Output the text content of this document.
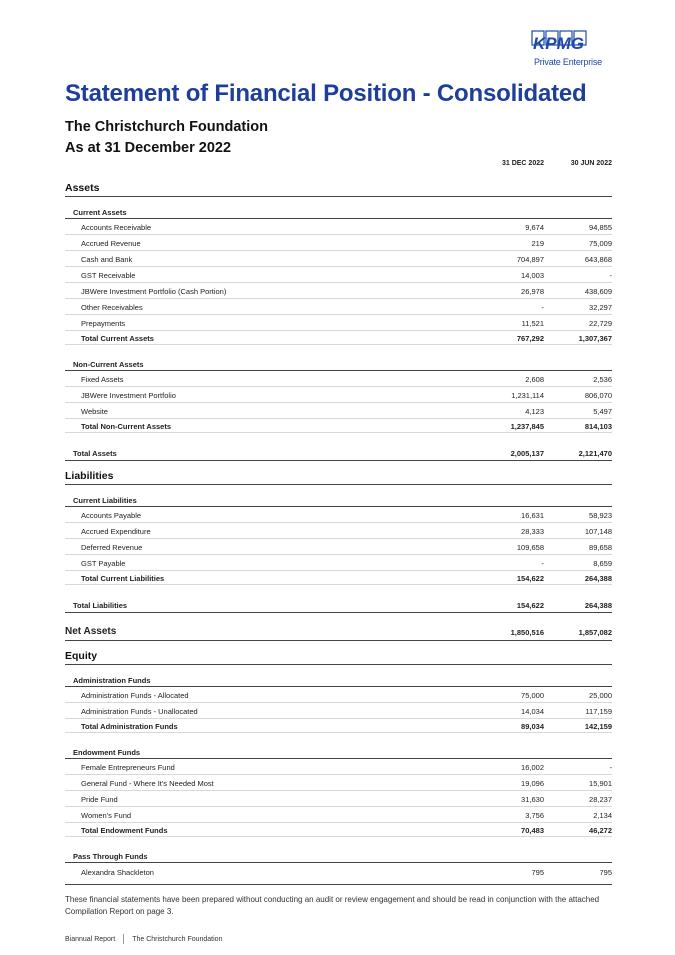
KPMG
Private Enterprise
Statement of Financial Position - Consolidated
The Christchurch Foundation
As at 31 December 2022
31 DEC 2022	30 JUN 2022
Assets
Current Assets
Accounts Receivable	9,674	94,855
Accrued Revenue	219	75,009
Cash and Bank	704,897	643,868
GST Receivable	14,003	-
JBWere Investment Portfolio (Cash Portion)	26,978	438,609
Other Receivables	-	32,297
Prepayments	11,521	22,729
Total Current Assets	767,292	1,307,367
Non-Current Assets
Fixed Assets	2,608	2,536
JBWere Investment Portfolio	1,231,114	806,070
Website	4,123	5,497
Total Non-Current Assets	1,237,845	814,103
Total Assets	2,005,137	2,121,470
Liabilities
Current Liabilities
Accounts Payable	16,631	58,923
Accrued Expenditure	28,333	107,148
Deferred Revenue	109,658	89,658
GST Payable	-	8,659
Total Current Liabilities	154,622	264,388
Total Liabilities	154,622	264,388
Net Assets	1,850,516	1,857,082
Equity
Administration Funds
Administration Funds - Allocated	75,000	25,000
Administration Funds - Unallocated	14,034	117,159
Total Administration Funds	89,034	142,159
Endowment Funds
Female Entrepreneurs Fund	16,002	-
General Fund - Where It's Needed Most	19,096	15,901
Pride Fund	31,630	28,237
Women's Fund	3,756	2,134
Total Endowment Funds	70,483	46,272
Pass Through Funds
Alexandra Shackleton	795	795
These financial statements have been prepared without conducting an audit or review engagement and should be read in conjunction with the attached Compilation Report on page 3.
Biannual Report The Christchurch Foundation
